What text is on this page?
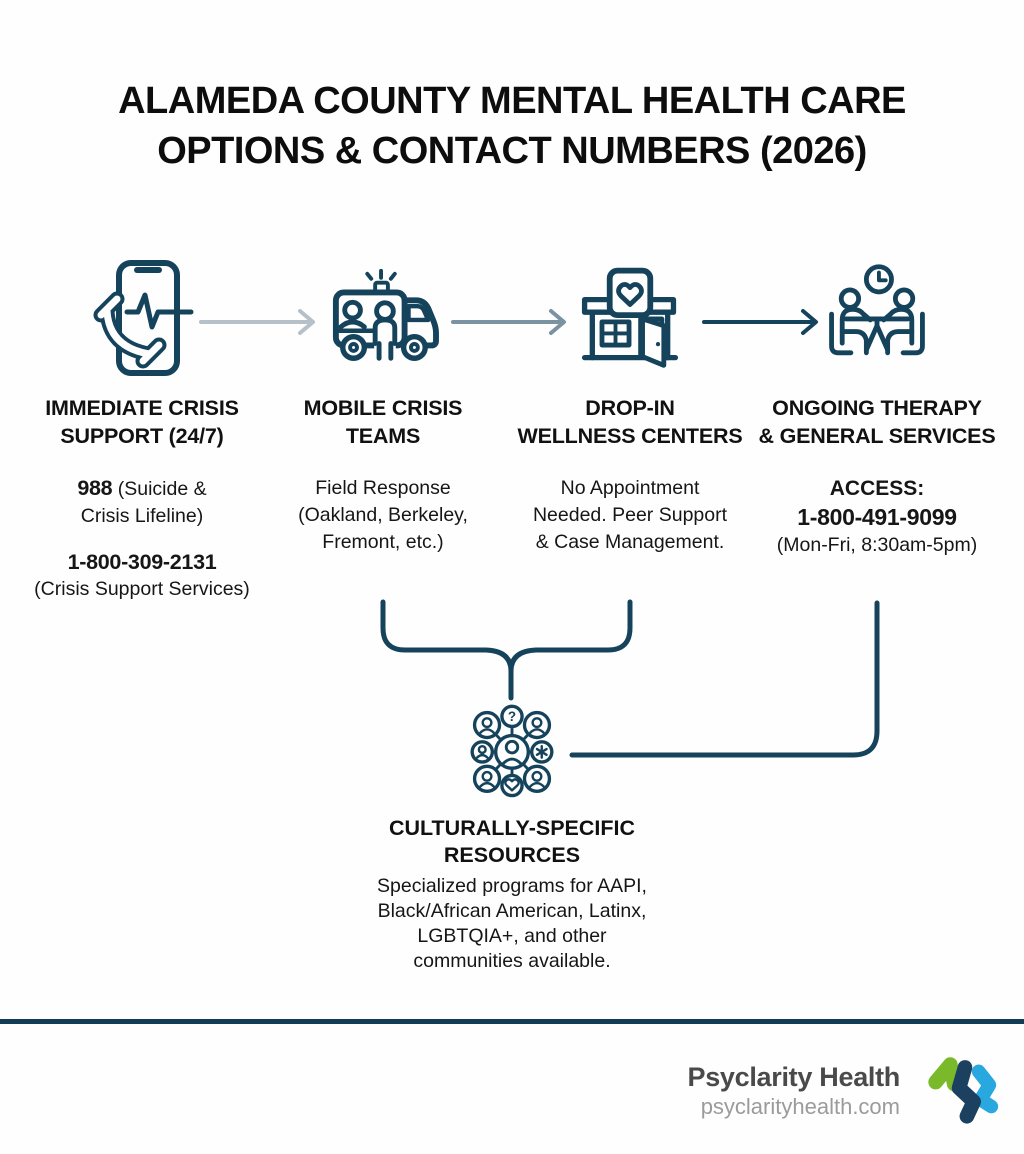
ALAMEDA COUNTY MENTAL HEALTH CARE
OPTIONS & CONTACT NUMBERS (2026)
IMMEDIATE CRISIS
SUPPORT (24/7)
988 (Suicide &
Crisis Lifeline)
1-800-309-2131
(Crisis Support Services)
MOBILE CRISIS
TEAMS
Field Response
(Oakland, Berkeley,
Fremont, etc.)
DROP-IN
WELLNESS CENTERS
No Appointment
Needed. Peer Support
& Case Management.
ONGOING THERAPY
& GENERAL SERVICES
ACCESS:
1-800-491-9099
(Mon-Fri, 8:30am-5pm)
?
CULTURALLY-SPECIFIC
RESOURCES
Specialized programs for AAPI,
Black/African American, Latinx,
LGBTQIA+, and other
communities available.
Psyclarity Health
psyclarityhealth.com
